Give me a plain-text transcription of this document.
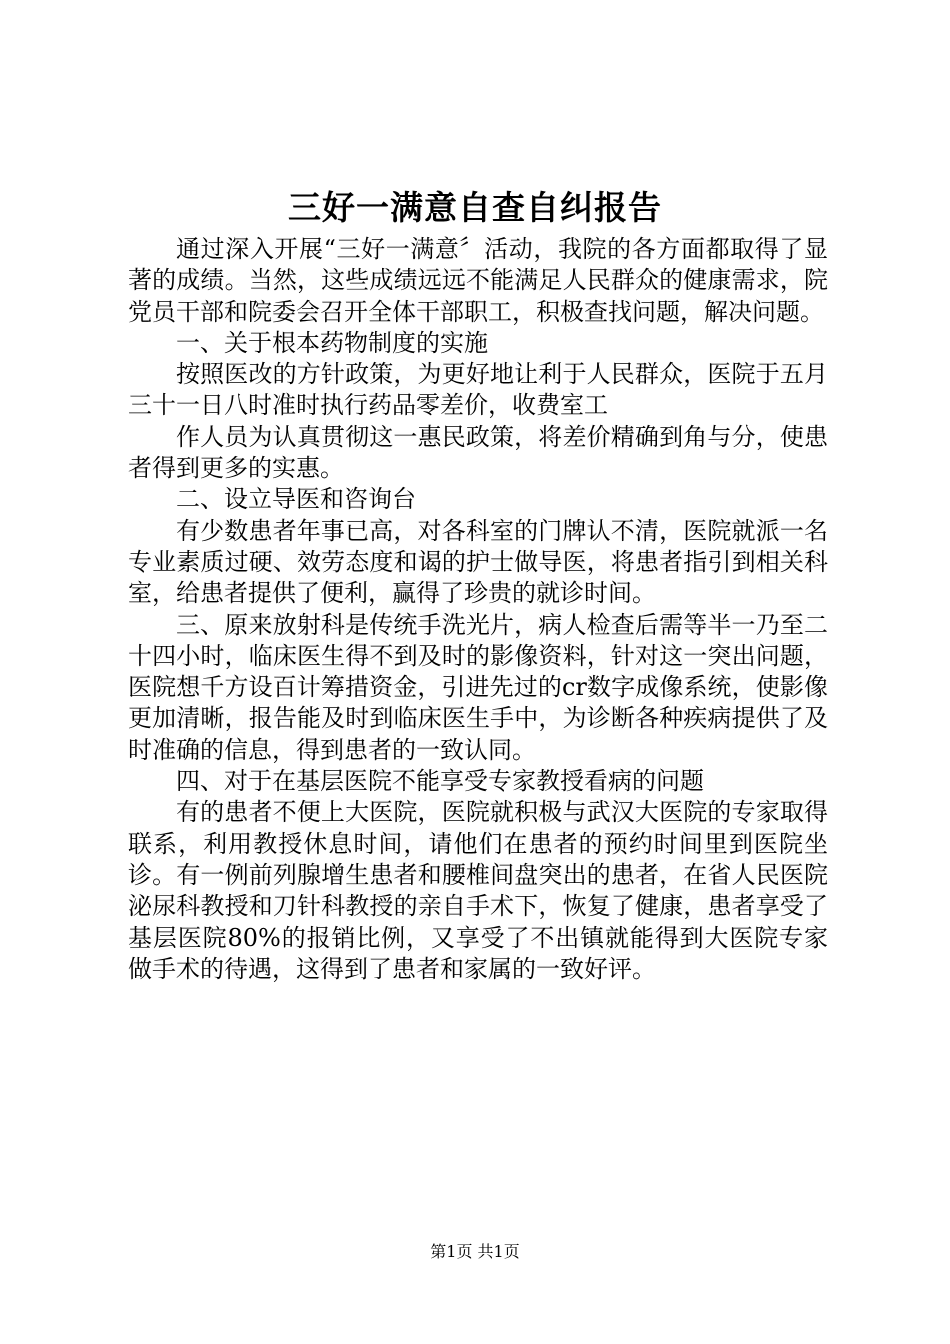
三好一满意自查自纠报告

通过深入开展“三好一满意〞活动，我院的各方面都取得了显著的成绩。当然，这些成绩远远不能满足人民群众的健康需求，院党员干部和院委会召开全体干部职工，积极查找问题，解决问题。

一、关于根本药物制度的实施

按照医改的方针政策，为更好地让利于人民群众，医院于五月三十一日八时准时执行药品零差价，收费室工

作人员为认真贯彻这一惠民政策，将差价精确到角与分，使患者得到更多的实惠。

二、设立导医和咨询台

有少数患者年事已高，对各科室的门牌认不清，医院就派一名专业素质过硬、效劳态度和谒的护士做导医，将患者指引到相关科室，给患者提供了便利，赢得了珍贵的就诊时间。

三、原来放射科是传统手洗光片，病人检查后需等半一乃至二十四小时，临床医生得不到及时的影像资料，针对这一突出问题，医院想千方设百计筹措资金，引进先过的cr数字成像系统，使影像更加清晰，报告能及时到临床医生手中，为诊断各种疾病提供了及时准确的信息，得到患者的一致认同。

四、对于在基层医院不能享受专家教授看病的问题

有的患者不便上大医院，医院就积极与武汉大医院的专家取得联系，利用教授休息时间，请他们在患者的预约时间里到医院坐诊。有一例前列腺增生患者和腰椎间盘突出的患者，在省人民医院泌尿科教授和刀针科教授的亲自手术下，恢复了健康，患者享受了基层医院80%的报销比例，又享受了不出镇就能得到大医院专家做手术的待遇，这得到了患者和家属的一致好评。

第1页 共1页
